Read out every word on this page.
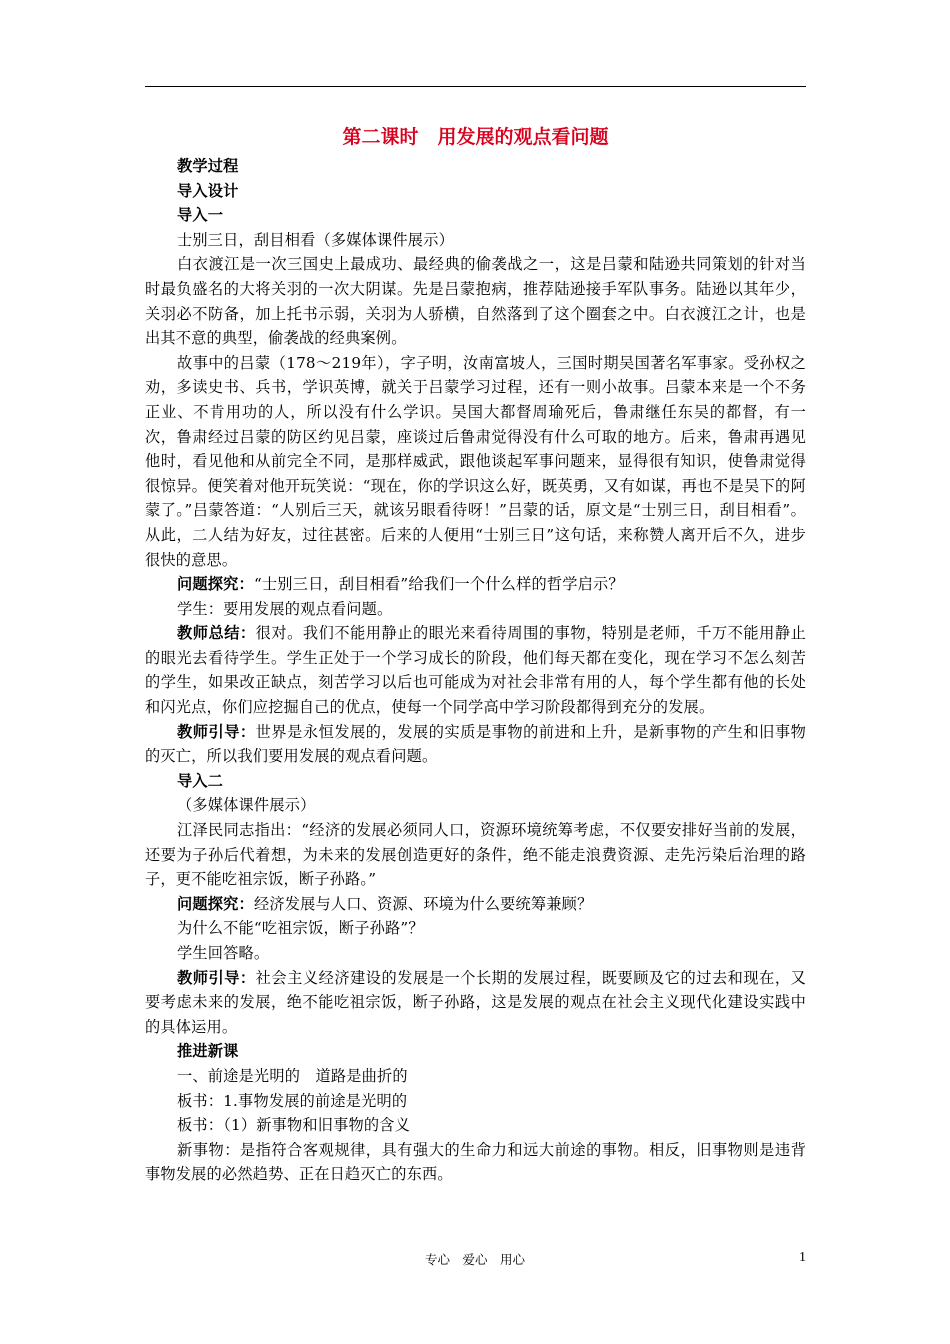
第二课时　用发展的观点看问题

教学过程

导入设计

导入一

士别三日，刮目相看（多媒体课件展示）

白衣渡江是一次三国史上最成功、最经典的偷袭战之一，这是吕蒙和陆逊共同策划的针对当时最负盛名的大将关羽的一次大阴谋。先是吕蒙抱病，推荐陆逊接手军队事务。陆逊以其年少，关羽必不防备，加上托书示弱，关羽为人骄横，自然落到了这个圈套之中。白衣渡江之计，也是出其不意的典型，偷袭战的经典案例。

故事中的吕蒙（178～219年），字子明，汝南富坡人，三国时期吴国著名军事家。受孙权之劝，多读史书、兵书，学识英博，就关于吕蒙学习过程，还有一则小故事。吕蒙本来是一个不务正业、不肯用功的人，所以没有什么学识。吴国大都督周瑜死后，鲁肃继任东吴的都督，有一次，鲁肃经过吕蒙的防区约见吕蒙，座谈过后鲁肃觉得没有什么可取的地方。后来，鲁肃再遇见他时，看见他和从前完全不同，是那样威武，跟他谈起军事问题来，显得很有知识，使鲁肃觉得很惊异。便笑着对他开玩笑说：“现在，你的学识这么好，既英勇，又有如谋，再也不是吴下的阿蒙了。”吕蒙答道：“人别后三天，就该另眼看待呀！”吕蒙的话，原文是“士别三日，刮目相看”。从此，二人结为好友，过往甚密。后来的人便用“士别三日”这句话，来称赞人离开后不久，进步很快的意思。

问题探究：“士别三日，刮目相看”给我们一个什么样的哲学启示？

学生：要用发展的观点看问题。

教师总结：很对。我们不能用静止的眼光来看待周围的事物，特别是老师，千万不能用静止的眼光去看待学生。学生正处于一个学习成长的阶段，他们每天都在变化，现在学习不怎么刻苦的学生，如果改正缺点，刻苦学习以后也可能成为对社会非常有用的人，每个学生都有他的长处和闪光点，你们应挖掘自己的优点，使每一个同学高中学习阶段都得到充分的发展。

教师引导：世界是永恒发展的，发展的实质是事物的前进和上升，是新事物的产生和旧事物的灭亡，所以我们要用发展的观点看问题。

导入二

（多媒体课件展示）

江泽民同志指出：“经济的发展必须同人口，资源环境统筹考虑，不仅要安排好当前的发展，还要为子孙后代着想，为未来的发展创造更好的条件，绝不能走浪费资源、走先污染后治理的路子，更不能吃祖宗饭，断子孙路。”

问题探究：经济发展与人口、资源、环境为什么要统筹兼顾？

为什么不能“吃祖宗饭，断子孙路”？

学生回答略。

教师引导：社会主义经济建设的发展是一个长期的发展过程，既要顾及它的过去和现在，又要考虑未来的发展，绝不能吃祖宗饭，断子孙路，这是发展的观点在社会主义现代化建设实践中的具体运用。

推进新课

一、前途是光明的　道路是曲折的

板书：1.事物发展的前途是光明的

板书：（1）新事物和旧事物的含义

新事物：是指符合客观规律，具有强大的生命力和远大前途的事物。相反，旧事物则是违背事物发展的必然趋势、正在日趋灭亡的东西。

专心　爱心　用心	1
